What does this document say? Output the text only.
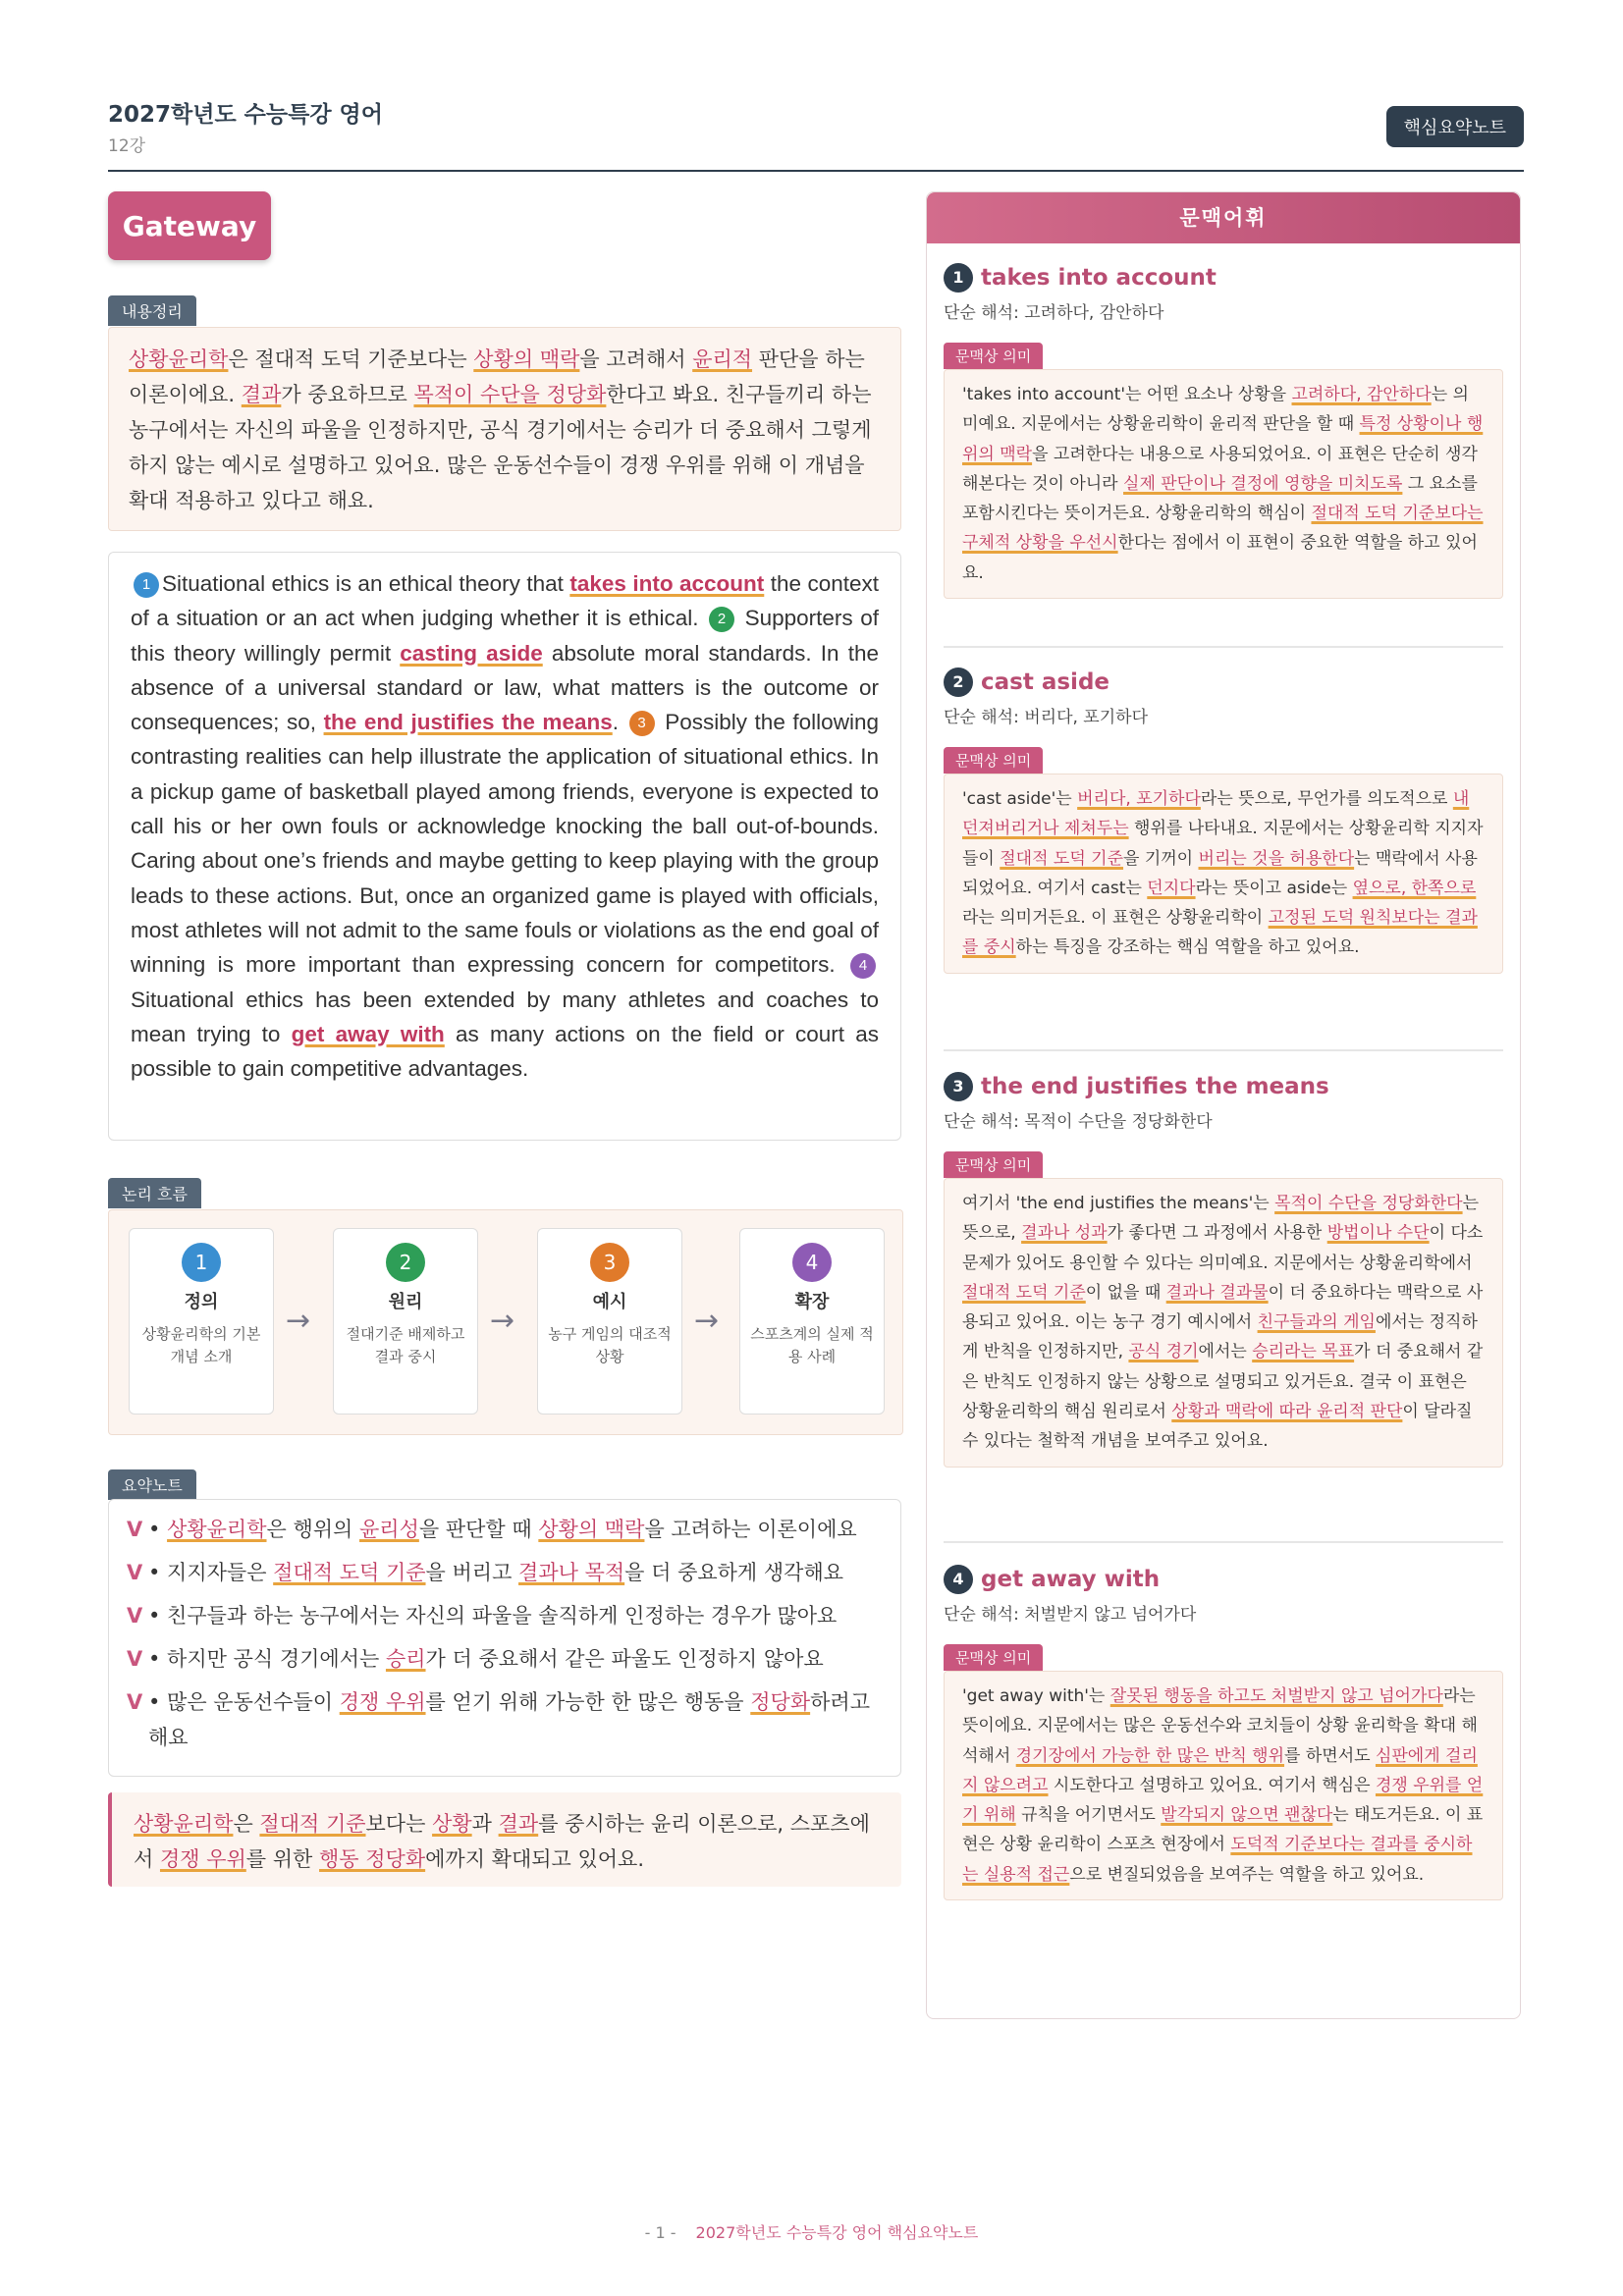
2027학년도 수능특강 영어
12강
핵심요약노트
Gateway
내용정리
상황윤리학은 절대적 도덕 기준보다는 상황의 맥락을 고려해서 윤리적 판단을 하는 이론이에요. 결과가 중요하므로 목적이 수단을 정당화한다고 봐요. 친구들끼리 하는 농구에서는 자신의 파울을 인정하지만, 공식 경기에서는 승리가 더 중요해서 그렇게 하지 않는 예시로 설명하고 있어요. 많은 운동선수들이 경쟁 우위를 위해 이 개념을 확대 적용하고 있다고 해요.
1 Situational ethics is an ethical theory that takes into account the context of a situation or an act when judging whether it is ethical. 2 Supporters of this theory willingly permit casting aside absolute moral standards. In the absence of a universal standard or law, what matters is the outcome or consequences; so, the end justifies the means. 3 Possibly the following contrasting realities can help illustrate the application of situational ethics. In a pickup game of basketball played among friends, everyone is expected to call his or her own fouls or acknowledge knocking the ball out-of-bounds. Caring about one’s friends and maybe getting to keep playing with the group leads to these actions. But, once an organized game is played with officials, most athletes will not admit to the same fouls or violations as the end goal of winning is more important than expressing concern for competitors. 4 Situational ethics has been extended by many athletes and coaches to mean trying to get away with as many actions on the field or court as possible to gain competitive advantages.
논리 흐름
1
정의
상황윤리학의 기본 개념 소개
→
2
원리
절대기준 배제하고 결과 중시
→
3
예시
농구 게임의 대조적 상황
→
4
확장
스포츠계의 실제 적용 사례
요약노트
V • 상황윤리학은 행위의 윤리성을 판단할 때 상황의 맥락을 고려하는 이론이에요
V • 지지자들은 절대적 도덕 기준을 버리고 결과나 목적을 더 중요하게 생각해요
V • 친구들과 하는 농구에서는 자신의 파울을 솔직하게 인정하는 경우가 많아요
V • 하지만 공식 경기에서는 승리가 더 중요해서 같은 파울도 인정하지 않아요
V • 많은 운동선수들이 경쟁 우위를 얻기 위해 가능한 한 많은 행동을 정당화하려고 해요
상황윤리학은 절대적 기준보다는 상황과 결과를 중시하는 윤리 이론으로, 스포츠에서 경쟁 우위를 위한 행동 정당화에까지 확대되고 있어요.
문맥어휘
1 takes into account
단순 해석: 고려하다, 감안하다
문맥상 의미
'takes into account'는 어떤 요소나 상황을 고려하다, 감안하다는 의미예요. 지문에서는 상황윤리학이 윤리적 판단을 할 때 특정 상황이나 행위의 맥락을 고려한다는 내용으로 사용되었어요. 이 표현은 단순히 생각해본다는 것이 아니라 실제 판단이나 결정에 영향을 미치도록 그 요소를 포함시킨다는 뜻이거든요. 상황윤리학의 핵심이 절대적 도덕 기준보다는 구체적 상황을 우선시한다는 점에서 이 표현이 중요한 역할을 하고 있어요.
2 cast aside
단순 해석: 버리다, 포기하다
문맥상 의미
'cast aside'는 버리다, 포기하다라는 뜻으로, 무언가를 의도적으로 내던져버리거나 제쳐두는 행위를 나타내요. 지문에서는 상황윤리학 지지자들이 절대적 도덕 기준을 기꺼이 버리는 것을 허용한다는 맥락에서 사용되었어요. 여기서 cast는 던지다라는 뜻이고 aside는 옆으로, 한쪽으로라는 의미거든요. 이 표현은 상황윤리학이 고정된 도덕 원칙보다는 결과를 중시하는 특징을 강조하는 핵심 역할을 하고 있어요.
3 the end justifies the means
단순 해석: 목적이 수단을 정당화한다
문맥상 의미
여기서 'the end justifies the means'는 목적이 수단을 정당화한다는 뜻으로, 결과나 성과가 좋다면 그 과정에서 사용한 방법이나 수단이 다소 문제가 있어도 용인할 수 있다는 의미예요. 지문에서는 상황윤리학에서 절대적 도덕 기준이 없을 때 결과나 결과물이 더 중요하다는 맥락으로 사용되고 있어요. 이는 농구 경기 예시에서 친구들과의 게임에서는 정직하게 반칙을 인정하지만, 공식 경기에서는 승리라는 목표가 더 중요해서 같은 반칙도 인정하지 않는 상황으로 설명되고 있거든요. 결국 이 표현은 상황윤리학의 핵심 원리로서 상황과 맥락에 따라 윤리적 판단이 달라질 수 있다는 철학적 개념을 보여주고 있어요.
4 get away with
단순 해석: 처벌받지 않고 넘어가다
문맥상 의미
'get away with'는 잘못된 행동을 하고도 처벌받지 않고 넘어가다라는 뜻이에요. 지문에서는 많은 운동선수와 코치들이 상황 윤리학을 확대 해석해서 경기장에서 가능한 한 많은 반칙 행위를 하면서도 심판에게 걸리지 않으려고 시도한다고 설명하고 있어요. 여기서 핵심은 경쟁 우위를 얻기 위해 규칙을 어기면서도 발각되지 않으면 괜찮다는 태도거든요. 이 표현은 상황 윤리학이 스포츠 현장에서 도덕적 기준보다는 결과를 중시하는 실용적 접근으로 변질되었음을 보여주는 역할을 하고 있어요.
- 1 - 2027학년도 수능특강 영어 핵심요약노트
